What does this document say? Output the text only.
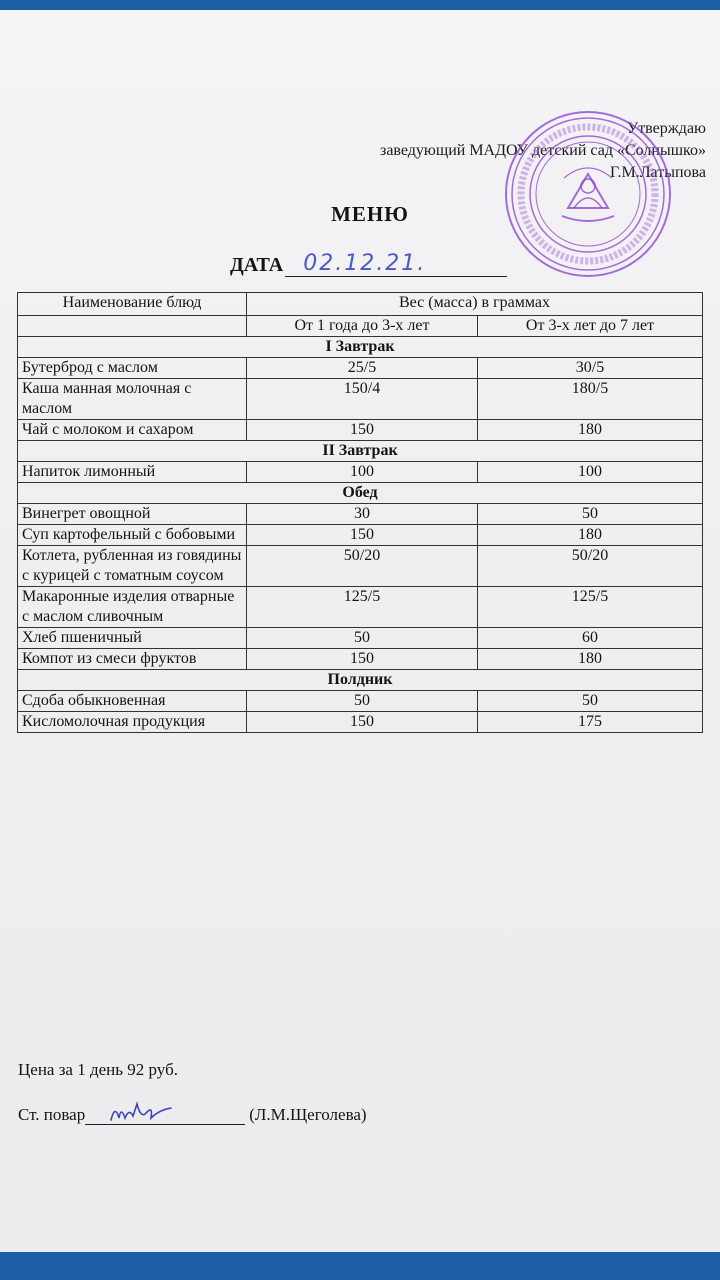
Утверждаю
заведующий МАДОУ детский сад «Солнышко»
Г.М.Латыпова
МЕНЮ
ДАТА 02.12.21.
Наименование блюд	Вес (масса) в граммах	
	От 1 года до 3-х лет	От 3-х лет до 7 лет
I Завтрак		
Бутерброд с маслом	25/5	30/5
Каша манная молочная с маслом	150/4	180/5
Чай с молоком и сахаром	150	180
II Завтрак		
Напиток лимонный	100	100
Обед		
Винегрет овощной	30	50
Суп картофельный с бобовыми	150	180
Котлета, рубленная из говядины с курицей с томатным соусом	50/20	50/20
Макаронные изделия отварные с маслом сливочным	125/5	125/5
Хлеб пшеничный	50	60
Компот из смеси фруктов	150	180
Полдник		
Сдоба обыкновенная	50	50
Кисломолочная продукция	150	175
Цена за 1 день 92 руб.
Ст. повар	(Л.М.Щеголева)
